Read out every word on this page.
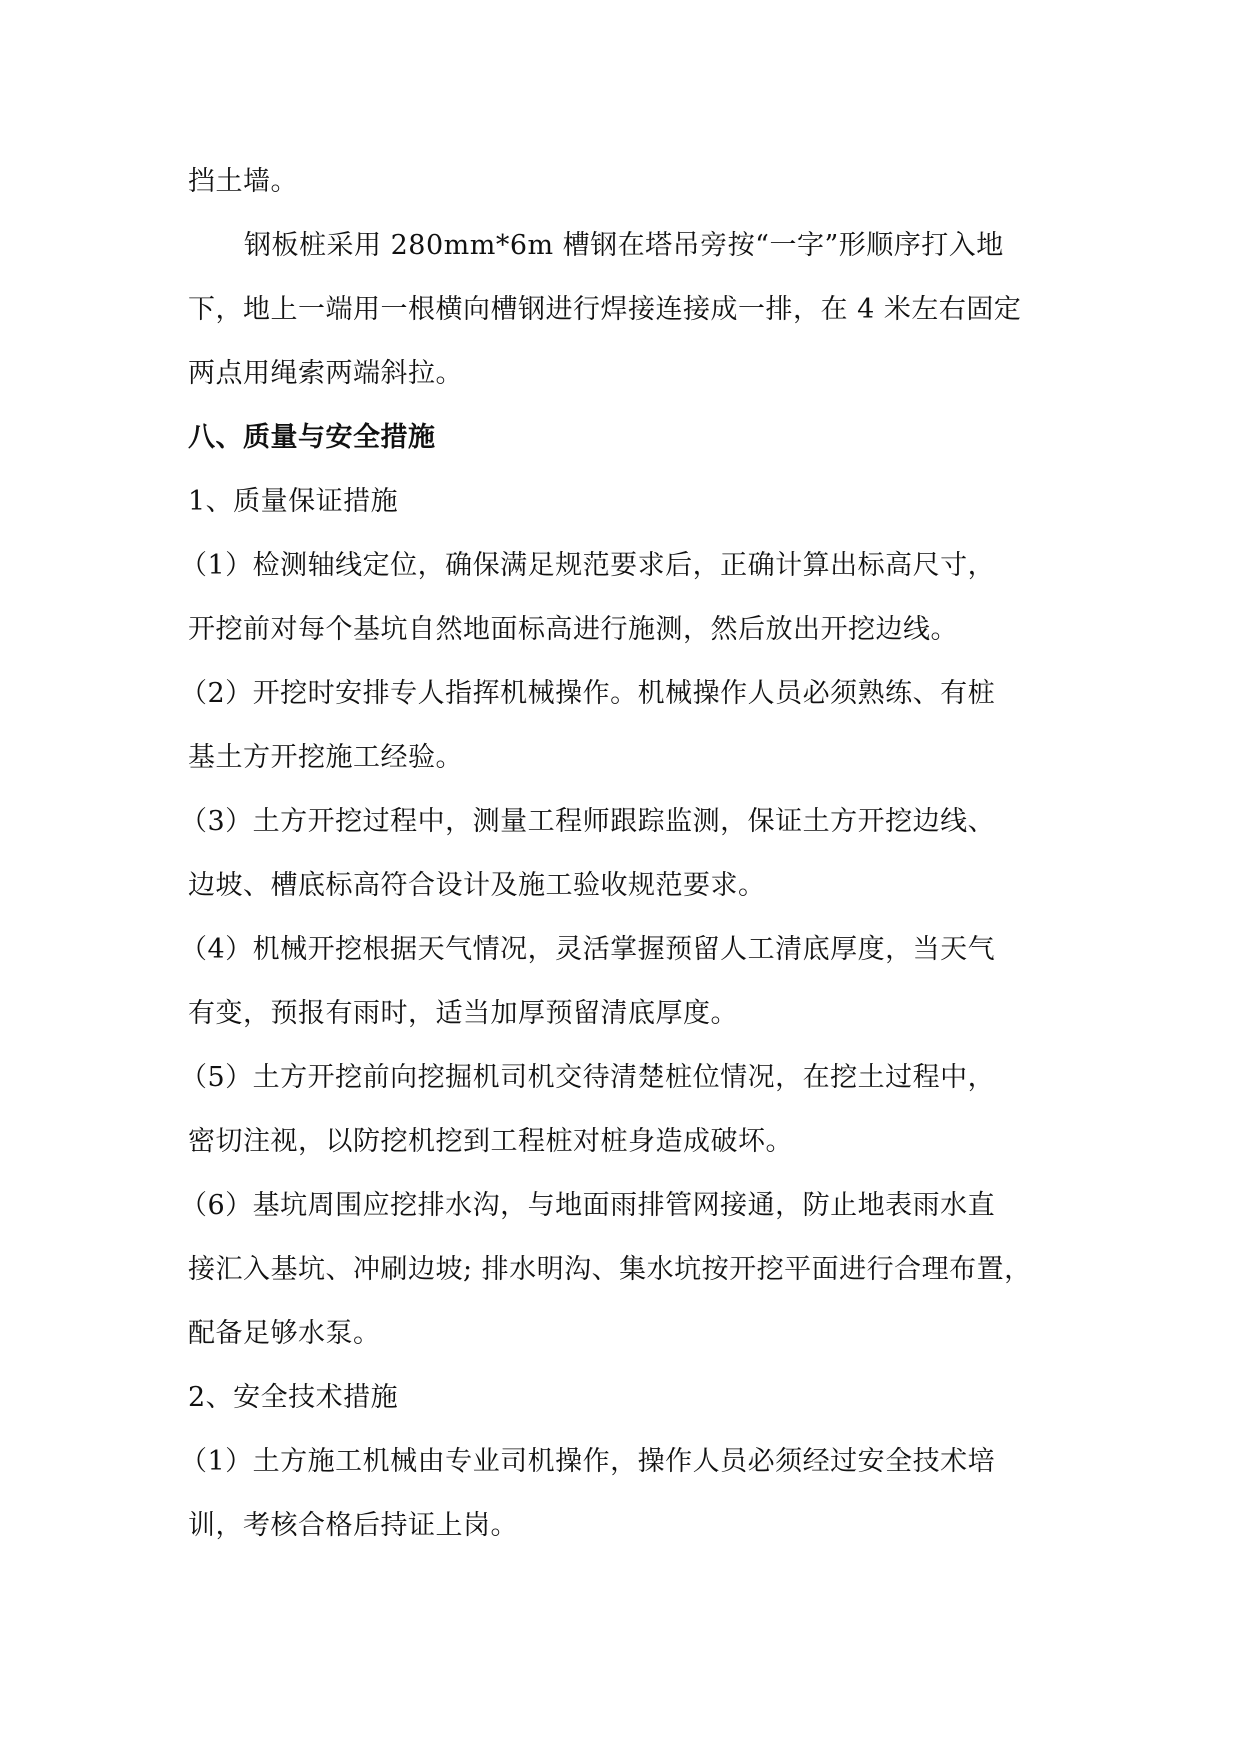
挡土墙。
钢板桩采用 280mm*6m 槽钢在塔吊旁按“一字”形顺序打入地
下，地上一端用一根横向槽钢进行焊接连接成一排，在 4 米左右固定
两点用绳索两端斜拉。
八、质量与安全措施
1、质量保证措施
（1）检测轴线定位，确保满足规范要求后，正确计算出标高尺寸，
开挖前对每个基坑自然地面标高进行施测，然后放出开挖边线。
（2）开挖时安排专人指挥机械操作。机械操作人员必须熟练、有桩
基土方开挖施工经验。
（3）土方开挖过程中，测量工程师跟踪监测，保证土方开挖边线、
边坡、槽底标高符合设计及施工验收规范要求。
（4）机械开挖根据天气情况，灵活掌握预留人工清底厚度，当天气
有变，预报有雨时，适当加厚预留清底厚度。
（5）土方开挖前向挖掘机司机交待清楚桩位情况，在挖土过程中，
密切注视，以防挖机挖到工程桩对桩身造成破坏。
（6）基坑周围应挖排水沟，与地面雨排管网接通，防止地表雨水直
接汇入基坑、冲刷边坡; 排水明沟、集水坑按开挖平面进行合理布置，
配备足够水泵。
2、安全技术措施
（1）土方施工机械由专业司机操作，操作人员必须经过安全技术培
训，考核合格后持证上岗。
